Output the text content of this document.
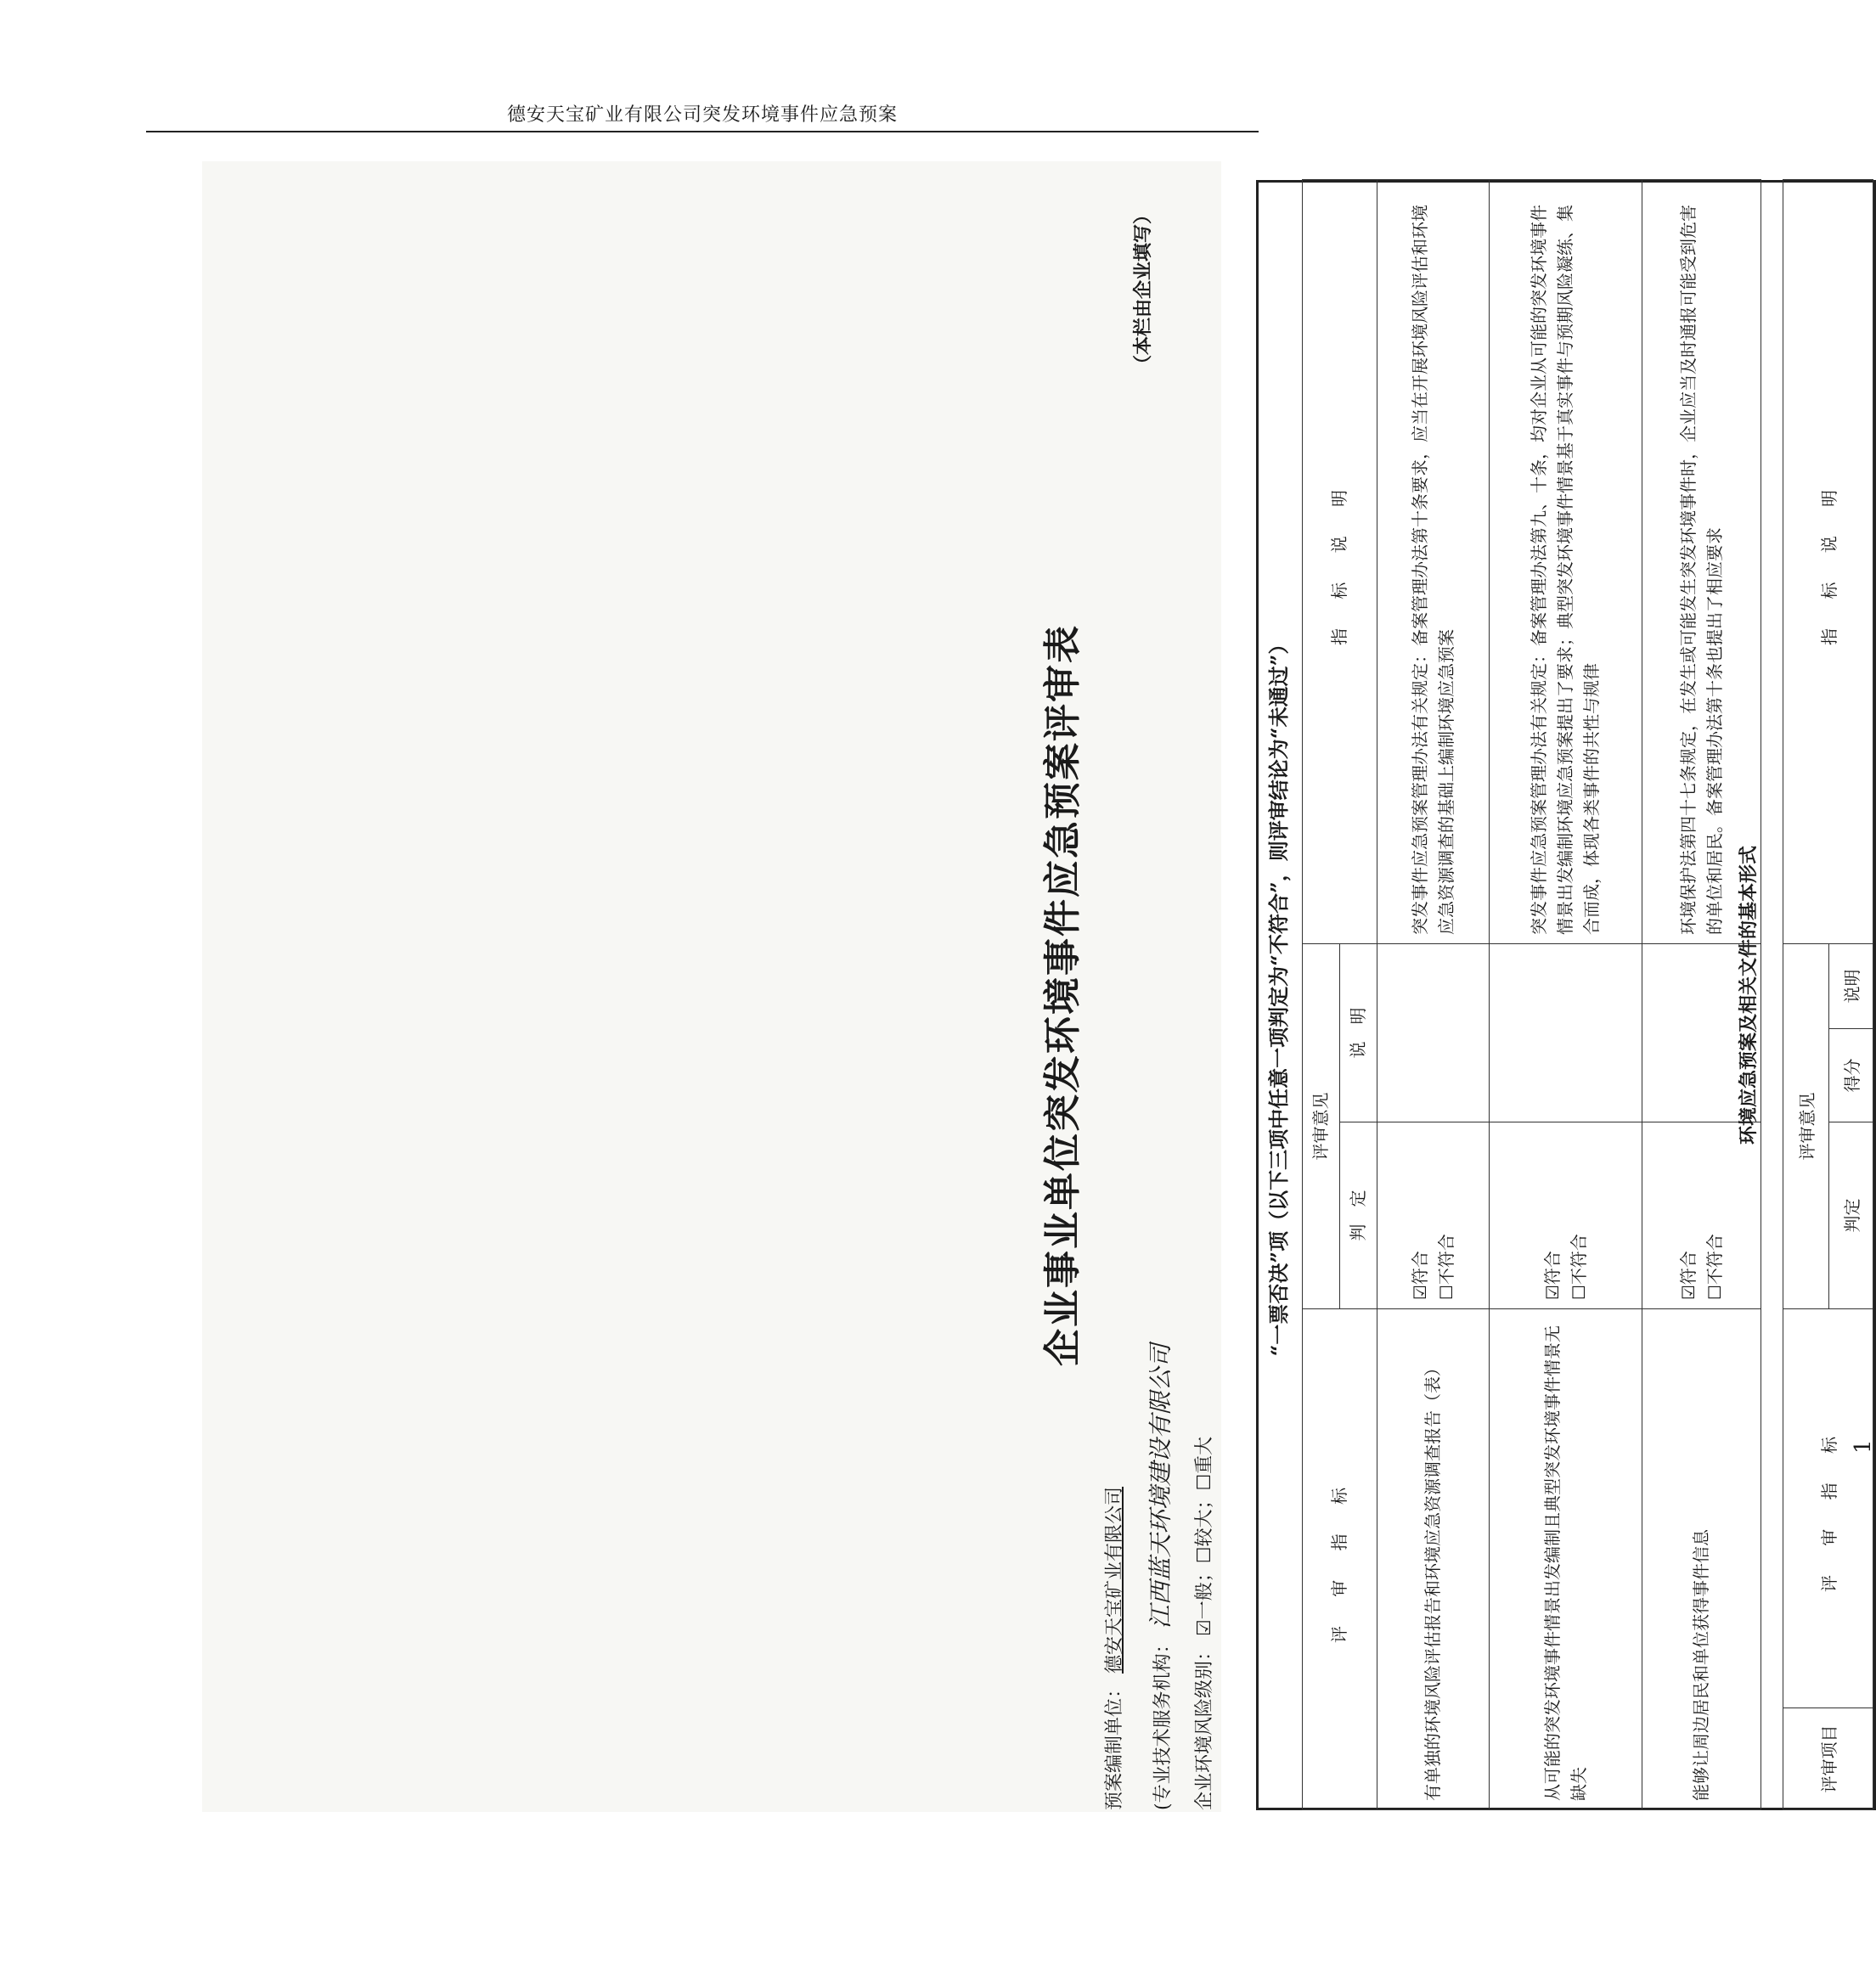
德安天宝矿业有限公司突发环境事件应急预案
企业事业单位突发环境事件应急预案评审表
预案编制单位： 德安天宝矿业有限公司
(专业技术服务机构： 江西蓝天环境建设有限公司
企业环境风险级别： ☑一般；☐较大；☐重大
（本栏由企业填写）
“一票否决”项（以下三项中任意一项判定为“不符合”，则评审结论为“未通过”）
评 审 指 标	评审意见		指 标 说 明
	判　定	说　明	
有单独的环境风险评估报告和环境应急资源调查报告（表）	☑符合 ☐不符合		突发事件应急预案管理办法有关规定：备案管理办法第十条要求，应当在开展环境风险评估和环境应急资源调查的基础上编制环境应急预案
从可能的突发环境事件情景出发编制且典型突发环境事件情景无缺失	☑符合 ☐不符合		突发事件应急预案管理办法有关规定：备案管理办法第九、十条，均对企业从可能的突发环境事件情景出发编制环境应急预案提出了要求；典型突发环境事件情景基于真实事件与预期风险凝练、集合而成，体现各类事件的共性与规律
能够让周边居民和单位获得事件信息	☑符合 ☐不符合		环境保护法第四十七条规定，在发生或可能发生突发环境事件时，企业应当及时通报可能受到危害的单位和居民。备案管理办法第十条也提出了相应要求
环境应急预案及相关文件的基本形式
评审项目	评 审 指 标	评审意见			指 标 说 明
		判定	得分	说明	
1
